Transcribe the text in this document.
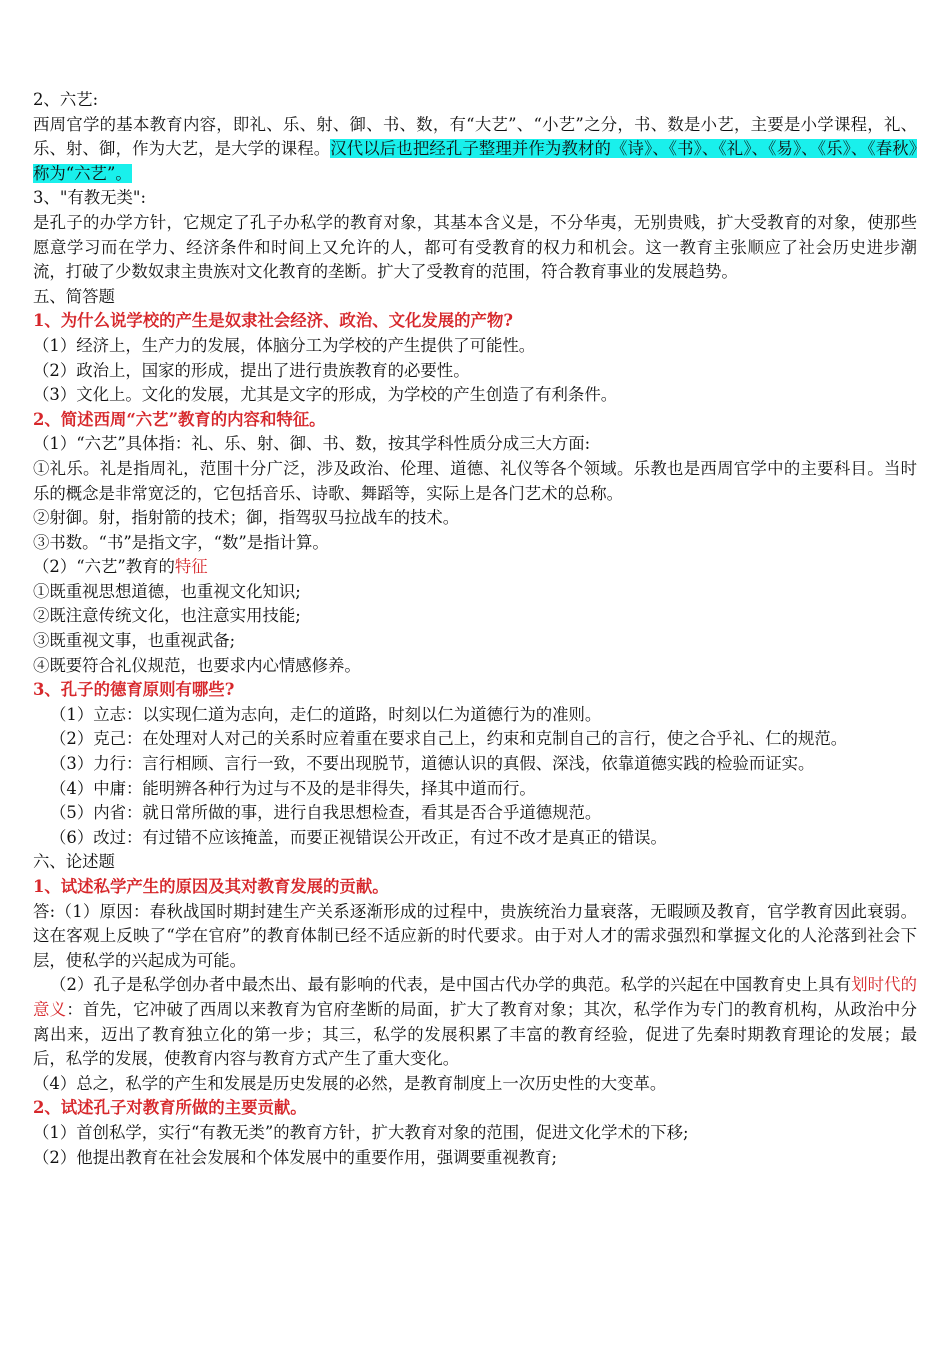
2、六艺:

西周官学的基本教育内容，即礼、乐、射、御、书、数，有“大艺”、“小艺”之分，书、数是小艺，主要是小学课程，礼、乐、射、御，作为大艺，是大学的课程。汉代以后也把经孔子整理并作为教材的《诗》、《书》、《礼》、《易》、《乐》、《春秋》称为“六艺”。

3、"有教无类":

是孔子的办学方针，它规定了孔子办私学的教育对象，其基本含义是，不分华夷，无别贵贱，扩大受教育的对象，使那些愿意学习而在学力、经济条件和时间上又允许的人，都可有受教育的权力和机会。这一教育主张顺应了社会历史进步潮流，打破了少数奴隶主贵族对文化教育的垄断。扩大了受教育的范围，符合教育事业的发展趋势。

五、简答题

1、为什么说学校的产生是奴隶社会经济、政治、文化发展的产物?

（1）经济上，生产力的发展，体脑分工为学校的产生提供了可能性。

（2）政治上，国家的形成，提出了进行贵族教育的必要性。

（3）文化上。文化的发展，尤其是文字的形成，为学校的产生创造了有利条件。

2、简述西周“六艺”教育的内容和特征。

（1）“六艺”具体指：礼、乐、射、御、书、数，按其学科性质分成三大方面:

①礼乐。礼是指周礼，范围十分广泛，涉及政治、伦理、道德、礼仪等各个领域。乐教也是西周官学中的主要科目。当时乐的概念是非常宽泛的，它包括音乐、诗歌、舞蹈等，实际上是各门艺术的总称。

②射御。射，指射箭的技术；御，指驾驭马拉战车的技术。

③书数。“书”是指文字，“数”是指计算。

（2）“六艺”教育的特征

①既重视思想道德，也重视文化知识;

②既注意传统文化，也注意实用技能;

③既重视文事，也重视武备;

④既要符合礼仪规范，也要求内心情感修养。

3、孔子的德育原则有哪些?

（1）立志：以实现仁道为志向，走仁的道路，时刻以仁为道德行为的准则。

（2）克己：在处理对人对己的关系时应着重在要求自己上，约束和克制自己的言行，使之合乎礼、仁的规范。

（3）力行：言行相顾、言行一致，不要出现脱节，道德认识的真假、深浅，依靠道德实践的检验而证实。

（4）中庸：能明辨各种行为过与不及的是非得失，择其中道而行。

（5）内省：就日常所做的事，进行自我思想检查，看其是否合乎道德规范。

（6）改过：有过错不应该掩盖，而要正视错误公开改正，有过不改才是真正的错误。

六、论述题

1、试述私学产生的原因及其对教育发展的贡献。

答:（1）原因：春秋战国时期封建生产关系逐渐形成的过程中，贵族统治力量衰落，无暇顾及教育，官学教育因此衰弱。这在客观上反映了“学在官府”的教育体制已经不适应新的时代要求。由于对人才的需求强烈和掌握文化的人沦落到社会下层，使私学的兴起成为可能。

（2）孔子是私学创办者中最杰出、最有影响的代表，是中国古代办学的典范。私学的兴起在中国教育史上具有划时代的意义：首先，它冲破了西周以来教育为官府垄断的局面，扩大了教育对象；其次，私学作为专门的教育机构，从政治中分离出来，迈出了教育独立化的第一步；其三，私学的发展积累了丰富的教育经验，促进了先秦时期教育理论的发展；最后，私学的发展，使教育内容与教育方式产生了重大变化。

（4）总之，私学的产生和发展是历史发展的必然，是教育制度上一次历史性的大变革。

2、试述孔子对教育所做的主要贡献。

（1）首创私学，实行“有教无类”的教育方针，扩大教育对象的范围，促进文化学术的下移;

（2）他提出教育在社会发展和个体发展中的重要作用，强调要重视教育;
